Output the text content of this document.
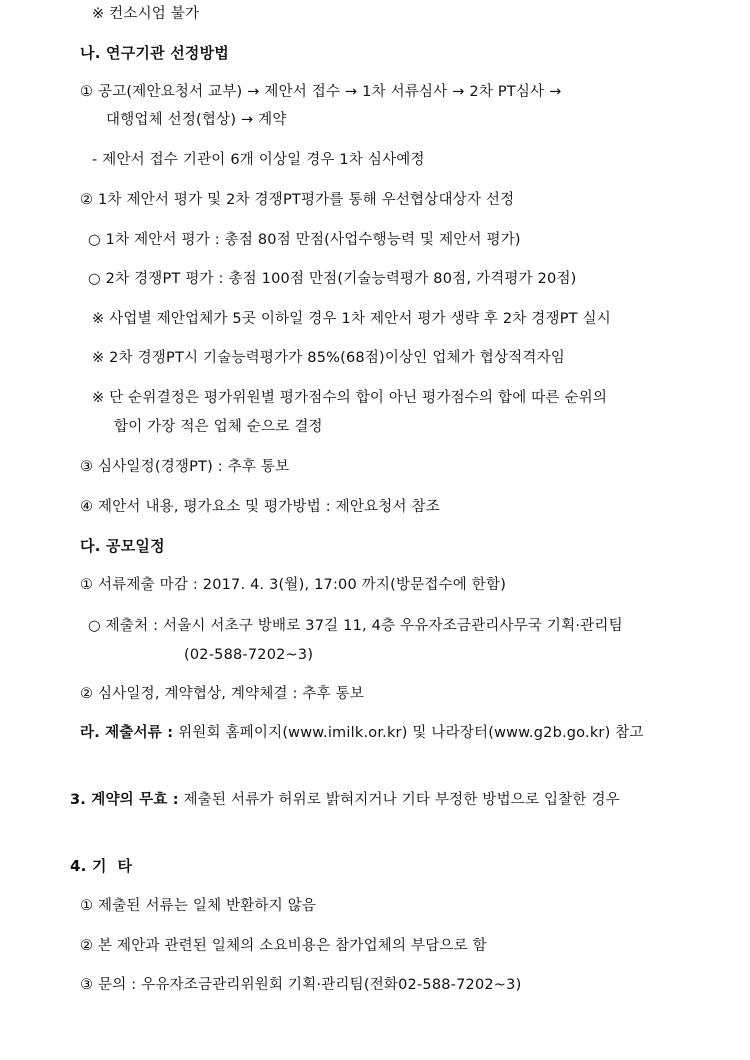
※ 컨소시엄 불가
나. 연구기관 선정방법
① 공고(제안요청서 교부) → 제안서 접수 → 1차 서류심사 → 2차 PT심사 →
대행업체 선정(협상) → 계약
- 제안서 접수 기관이 6개 이상일 경우 1차 심사예정
② 1차 제안서 평가 및 2차 경쟁PT평가를 통해 우선협상대상자 선정
○ 1차 제안서 평가 : 총점 80점 만점(사업수행능력 및 제안서 평가)
○ 2차 경쟁PT 평가 : 총점 100점 만점(기술능력평가 80점, 가격평가 20점)
※ 사업별 제안업체가 5곳 이하일 경우 1차 제안서 평가 생략 후 2차 경쟁PT 실시
※ 2차 경쟁PT시 기술능력평가가 85%(68점)이상인 업체가 협상적격자임
※ 단 순위결정은 평가위원별 평가점수의 합이 아닌 평가점수의 합에 따른 순위의
합이 가장 적은 업체 순으로 결정
③ 심사일정(경쟁PT) : 추후 통보
④ 제안서 내용, 평가요소 및 평가방법 : 제안요청서 참조
다. 공모일정
① 서류제출 마감 : 2017. 4. 3(월), 17:00 까지(방문접수에 한함)
○ 제출처 : 서울시 서초구 방배로 37길 11, 4층 우유자조금관리사무국 기획·관리팀
(02-588-7202~3)
② 심사일정, 계약협상, 계약체결 : 추후 통보
라. 제출서류 : 위원회 홈페이지(www.imilk.or.kr) 및 나라장터(www.g2b.go.kr) 참고
3. 계약의 무효 : 제출된 서류가 허위로 밝혀지거나 기타 부정한 방법으로 입찰한 경우
4. 기  타
① 제출된 서류는 일체 반환하지 않음
② 본 제안과 관련된 일체의 소요비용은 참가업체의 부담으로 함
③ 문의 : 우유자조금관리위원회 기획·관리팀(전화02-588-7202~3)
